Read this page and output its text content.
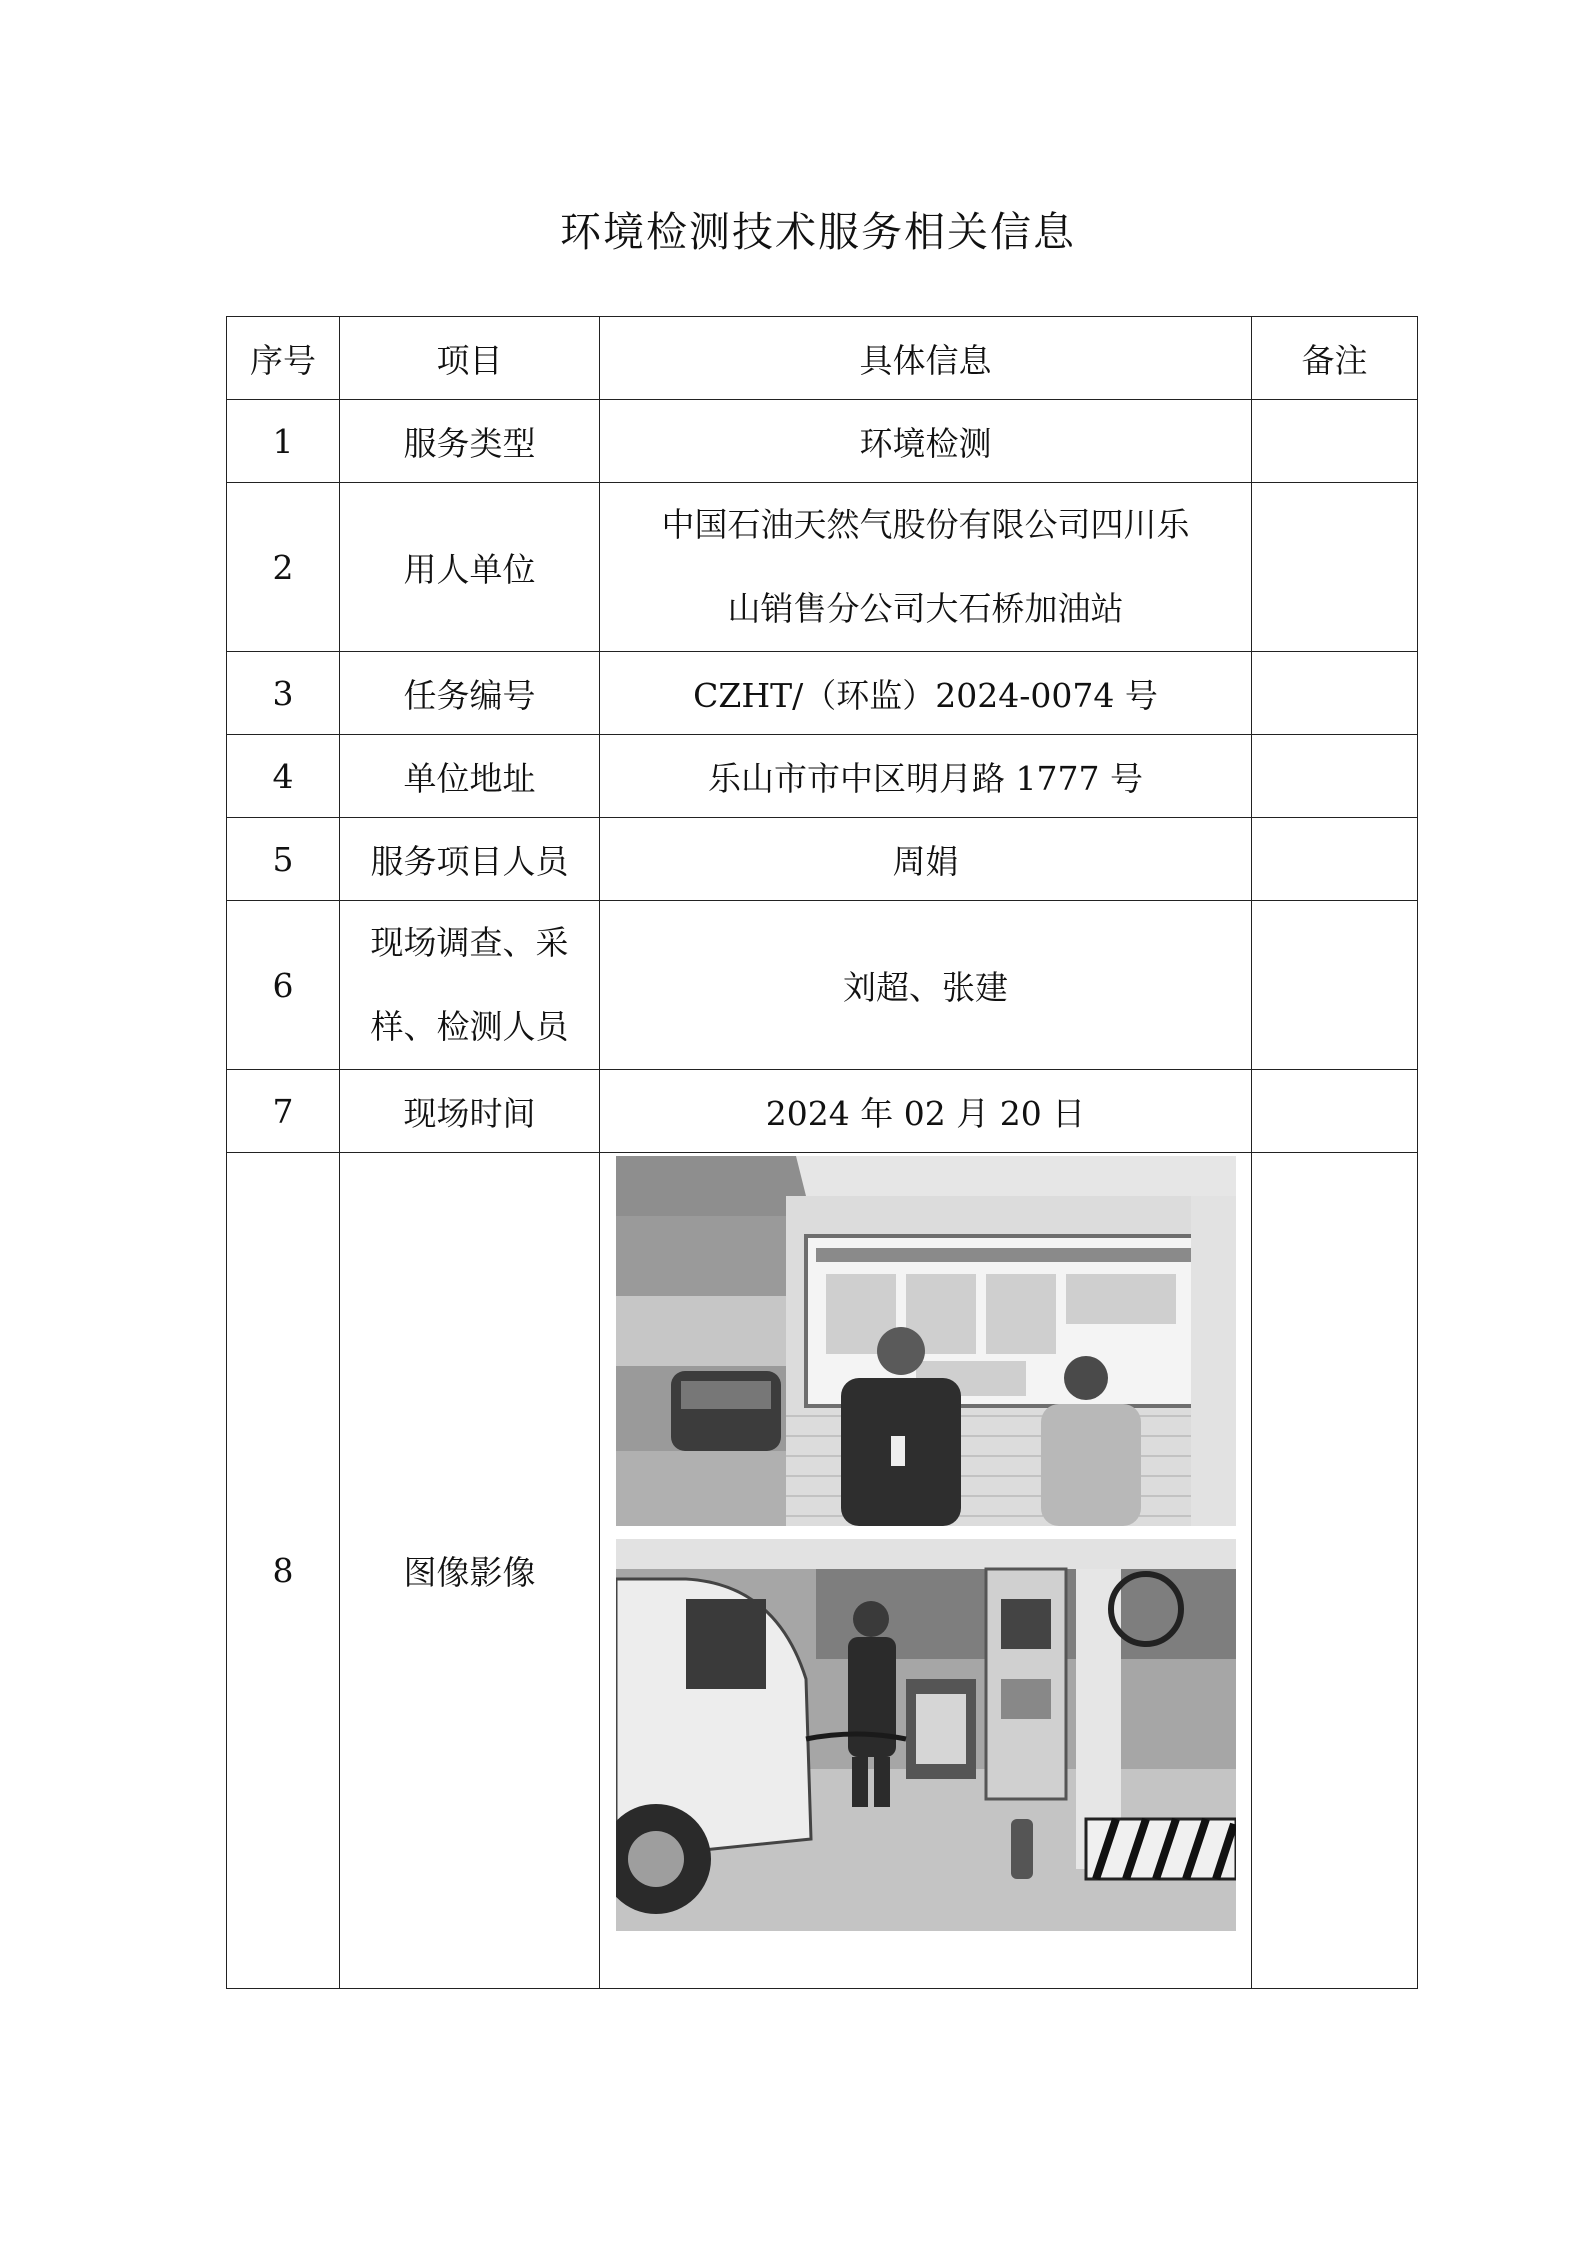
环境检测技术服务相关信息
序号	项目	具体信息	备注
1	服务类型	环境检测	
2	用人单位	中国石油天然气股份有限公司四川乐
山销售分公司大石桥加油站	

3	任务编号	CZHT/（环监）2024-0074 号	
4	单位地址	乐山市市中区明月路 1777 号	
5	服务项目人员	周娟	
6	现场调查、采
样、检测人员	刘超、张建	
7	现场时间	2024 年 02 月 20 日	
8	图像影像	
